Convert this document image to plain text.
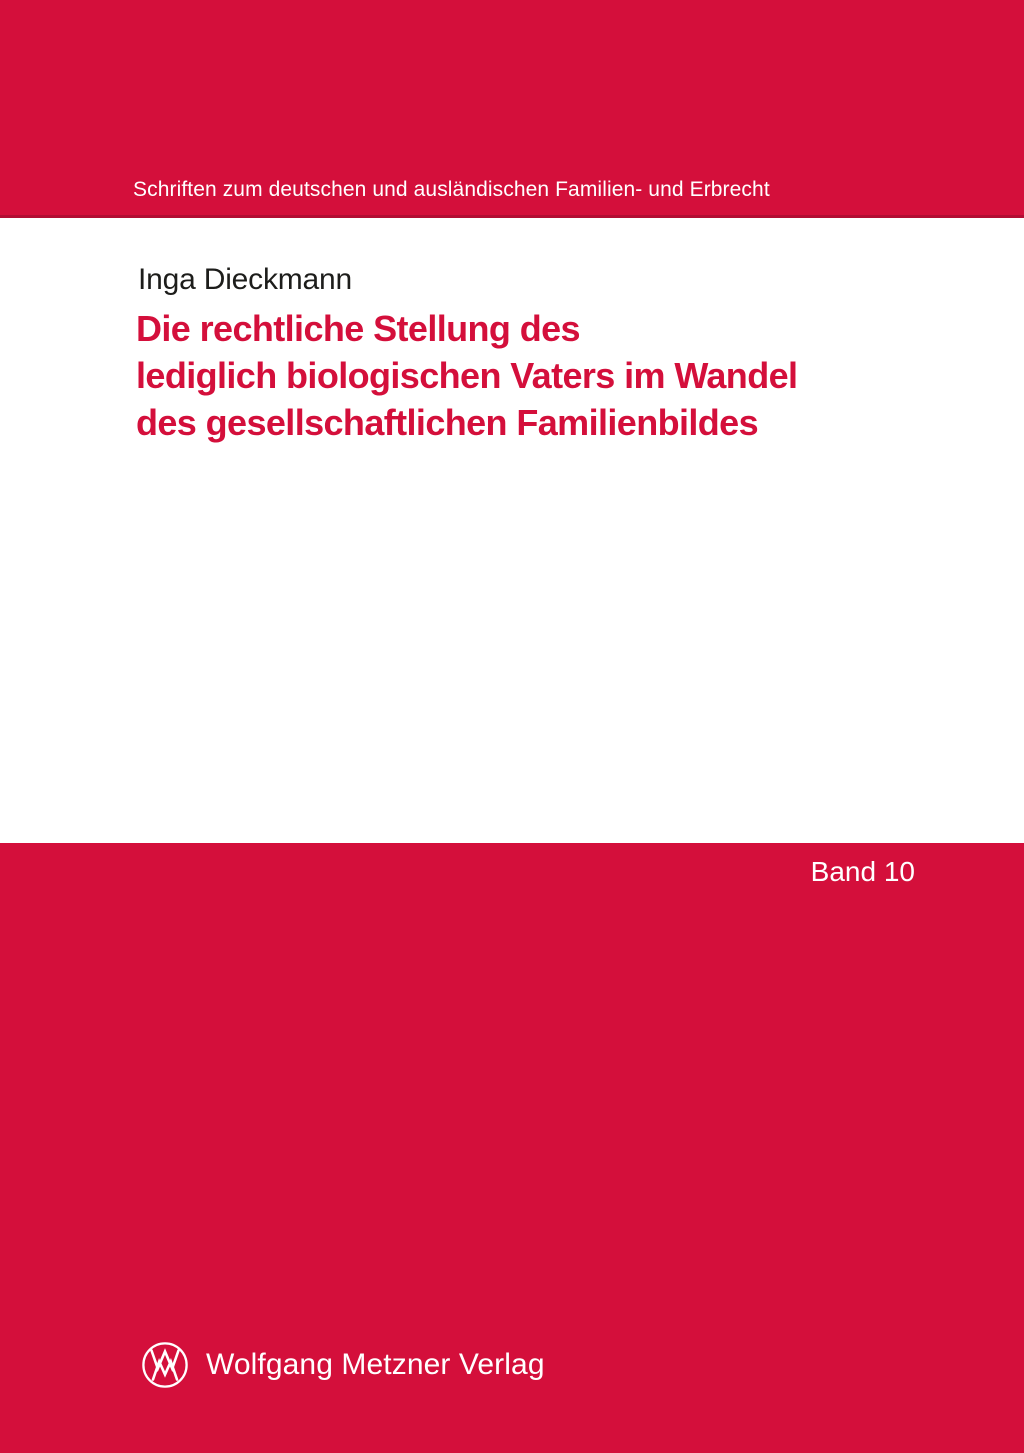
Schriften zum deutschen und ausländischen Familien- und Erbrecht
Inga Dieckmann
Die rechtliche Stellung des
lediglich biologischen Vaters im Wandel
des gesellschaftlichen Familienbildes
Band 10
Wolfgang Metzner Verlag
